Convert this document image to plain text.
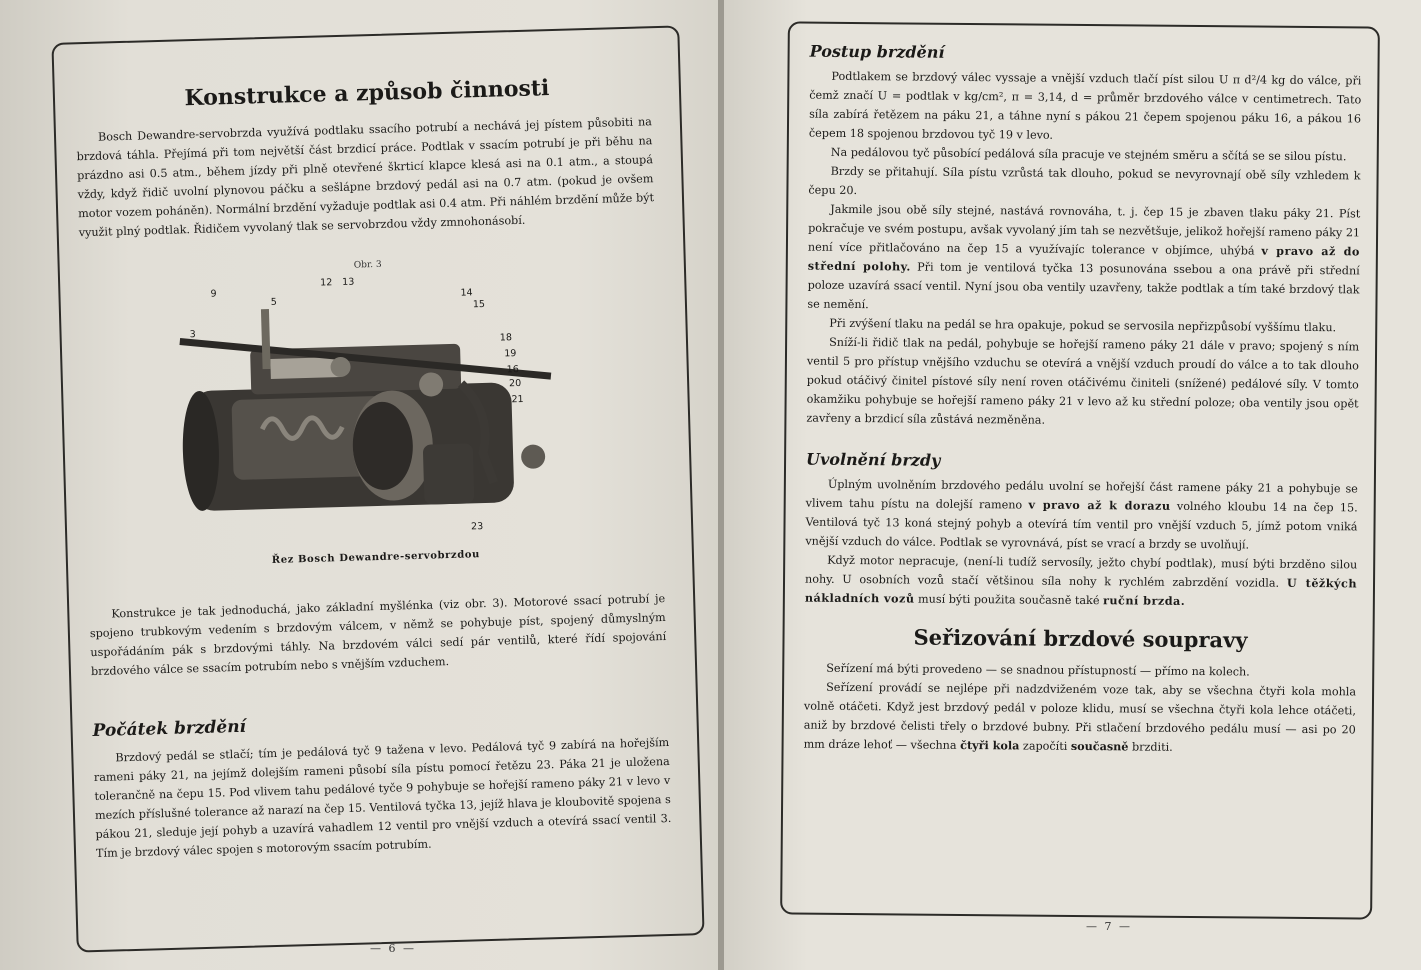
Konstrukce a způsob činnosti

Bosch Dewandre-servobrzda využívá podtlaku ssacího potrubí a nechává jej pístem působiti na brzdová táhla. Přejímá při tom největší část brzdicí práce. Podtlak v ssacím potrubí je při běhu na prázdno asi 0.5 atm., během jízdy při plně otevřené škrticí klapce klesá asi na 0.1 atm., a stoupá vždy, když řidič uvolní plynovou páčku a sešlápne brzdový pedál asi na 0.7 atm. (pokud je ovšem motor vozem poháněn). Normální brzdění vyžaduje podtlak asi 0.4 atm. Při náhlém brzdění může být využit plný podtlak. Řidičem vyvolaný tlak se servobrzdou vždy zmnohonásobí.

Obr. 3
9
12 13
5
14
15
3	18
19
16
20
21
23
Řez Bosch Dewandre-servobrzdou

Konstrukce je tak jednoduchá, jako základní myšlénka (viz obr. 3). Motorové ssací potrubí je spojeno trubkovým vedením s brzdovým válcem, v němž se pohybuje píst, spojený důmyslným uspořádáním pák s brzdovými táhly. Na brzdovém válci sedí pár ventilů, které řídí spojování brzdového válce se ssacím potrubím nebo s vnějším vzduchem.

Počátek brzdění

Brzdový pedál se stlačí; tím je pedálová tyč 9 tažena v levo. Pedálová tyč 9 zabírá na hořejším rameni páky 21, na jejímž dolejším rameni působí síla pístu pomocí řetězu 23. Páka 21 je uložena tolerančně na čepu 15. Pod vlivem tahu pedálové tyče 9 pohybuje se hořejší rameno páky 21 v levo v mezích příslušné tolerance až narazí na čep 15. Ventilová tyčka 13, jejíž hlava je kloubovitě spojena s pákou 21, sleduje její pohyb a uzavírá vahadlem 12 ventil pro vnější vzduch a otevírá ssací ventil 3. Tím je brzdový válec spojen s motorovým ssacím potrubím.

— 6 —
Postup brzdění

Podtlakem se brzdový válec vyssaje a vnější vzduch tlačí píst silou U π d²/4 kg do válce, při čemž značí U = podtlak v kg/cm², π = 3,14, d = průměr brzdového válce v centimetrech. Tato síla zabírá řetězem na páku 21, a táhne nyní s pákou 21 čepem spojenou páku 16, a pákou 16 čepem 18 spojenou brzdovou tyč 19 v levo.

Na pedálovou tyč působící pedálová síla pracuje ve stejném směru a sčítá se se silou pístu.

Brzdy se přitahují. Síla pístu vzrůstá tak dlouho, pokud se nevyrovnají obě síly vzhledem k čepu 20.

Jakmile jsou obě síly stejné, nastává rovnováha, t. j. čep 15 je zbaven tlaku páky 21. Píst pokračuje ve svém postupu, avšak vyvolaný jím tah se nezvětšuje, jelikož hořejší rameno páky 21 není více přitlačováno na čep 15 a využívajíc tolerance v objímce, uhýbá v pravo až do střední polohy. Při tom je ventilová tyčka 13 posunována ssebou a ona právě při střední poloze uzavírá ssací ventil. Nyní jsou oba ventily uzavřeny, takže podtlak a tím také brzdový tlak se nemění.

Při zvýšení tlaku na pedál se hra opakuje, pokud se servosila nepřizpůsobí vyššímu tlaku.

Sníží-li řidič tlak na pedál, pohybuje se hořejší rameno páky 21 dále v pravo; spojený s ním ventil 5 pro přístup vnějšího vzduchu se otevírá a vnější vzduch proudí do válce a to tak dlouho pokud otáčivý činitel pístové síly není roven otáčivému činiteli (snížené) pedálové síly. V tomto okamžiku pohybuje se hořejší rameno páky 21 v levo až ku střední poloze; oba ventily jsou opět zavřeny a brzdicí síla zůstává nezměněna.

Uvolnění brzdy

Úplným uvolněním brzdového pedálu uvolní se hořejší část ramene páky 21 a pohybuje se vlivem tahu pístu na dolejší rameno v pravo až k dorazu volného kloubu 14 na čep 15. Ventilová tyč 13 koná stejný pohyb a otevírá tím ventil pro vnější vzduch 5, jímž potom vniká vnější vzduch do válce. Podtlak se vyrovnává, píst se vrací a brzdy se uvolňují.

Když motor nepracuje, (není-li tudíž servosíly, ježto chybí podtlak), musí býti brzděno silou nohy. U osobních vozů stačí většinou síla nohy k rychlém zabrzdění vozidla. U těžkých nákladních vozů musí býti použita současně také ruční brzda.

Seřizování brzdové soupravy

Seřízení má býti provedeno — se snadnou přístupností — přímo na kolech.

Seřízení provádí se nejlépe při nadzdviženém voze tak, aby se všechna čtyři kola mohla volně otáčeti. Když jest brzdový pedál v poloze klidu, musí se všechna čtyři kola lehce otáčeti, aniž by brzdové čelisti třely o brzdové bubny. Při stlačení brzdového pedálu musí — asi po 20 mm dráze lehoť — všechna čtyři kola započíti současně brzditi.

— 7 —
